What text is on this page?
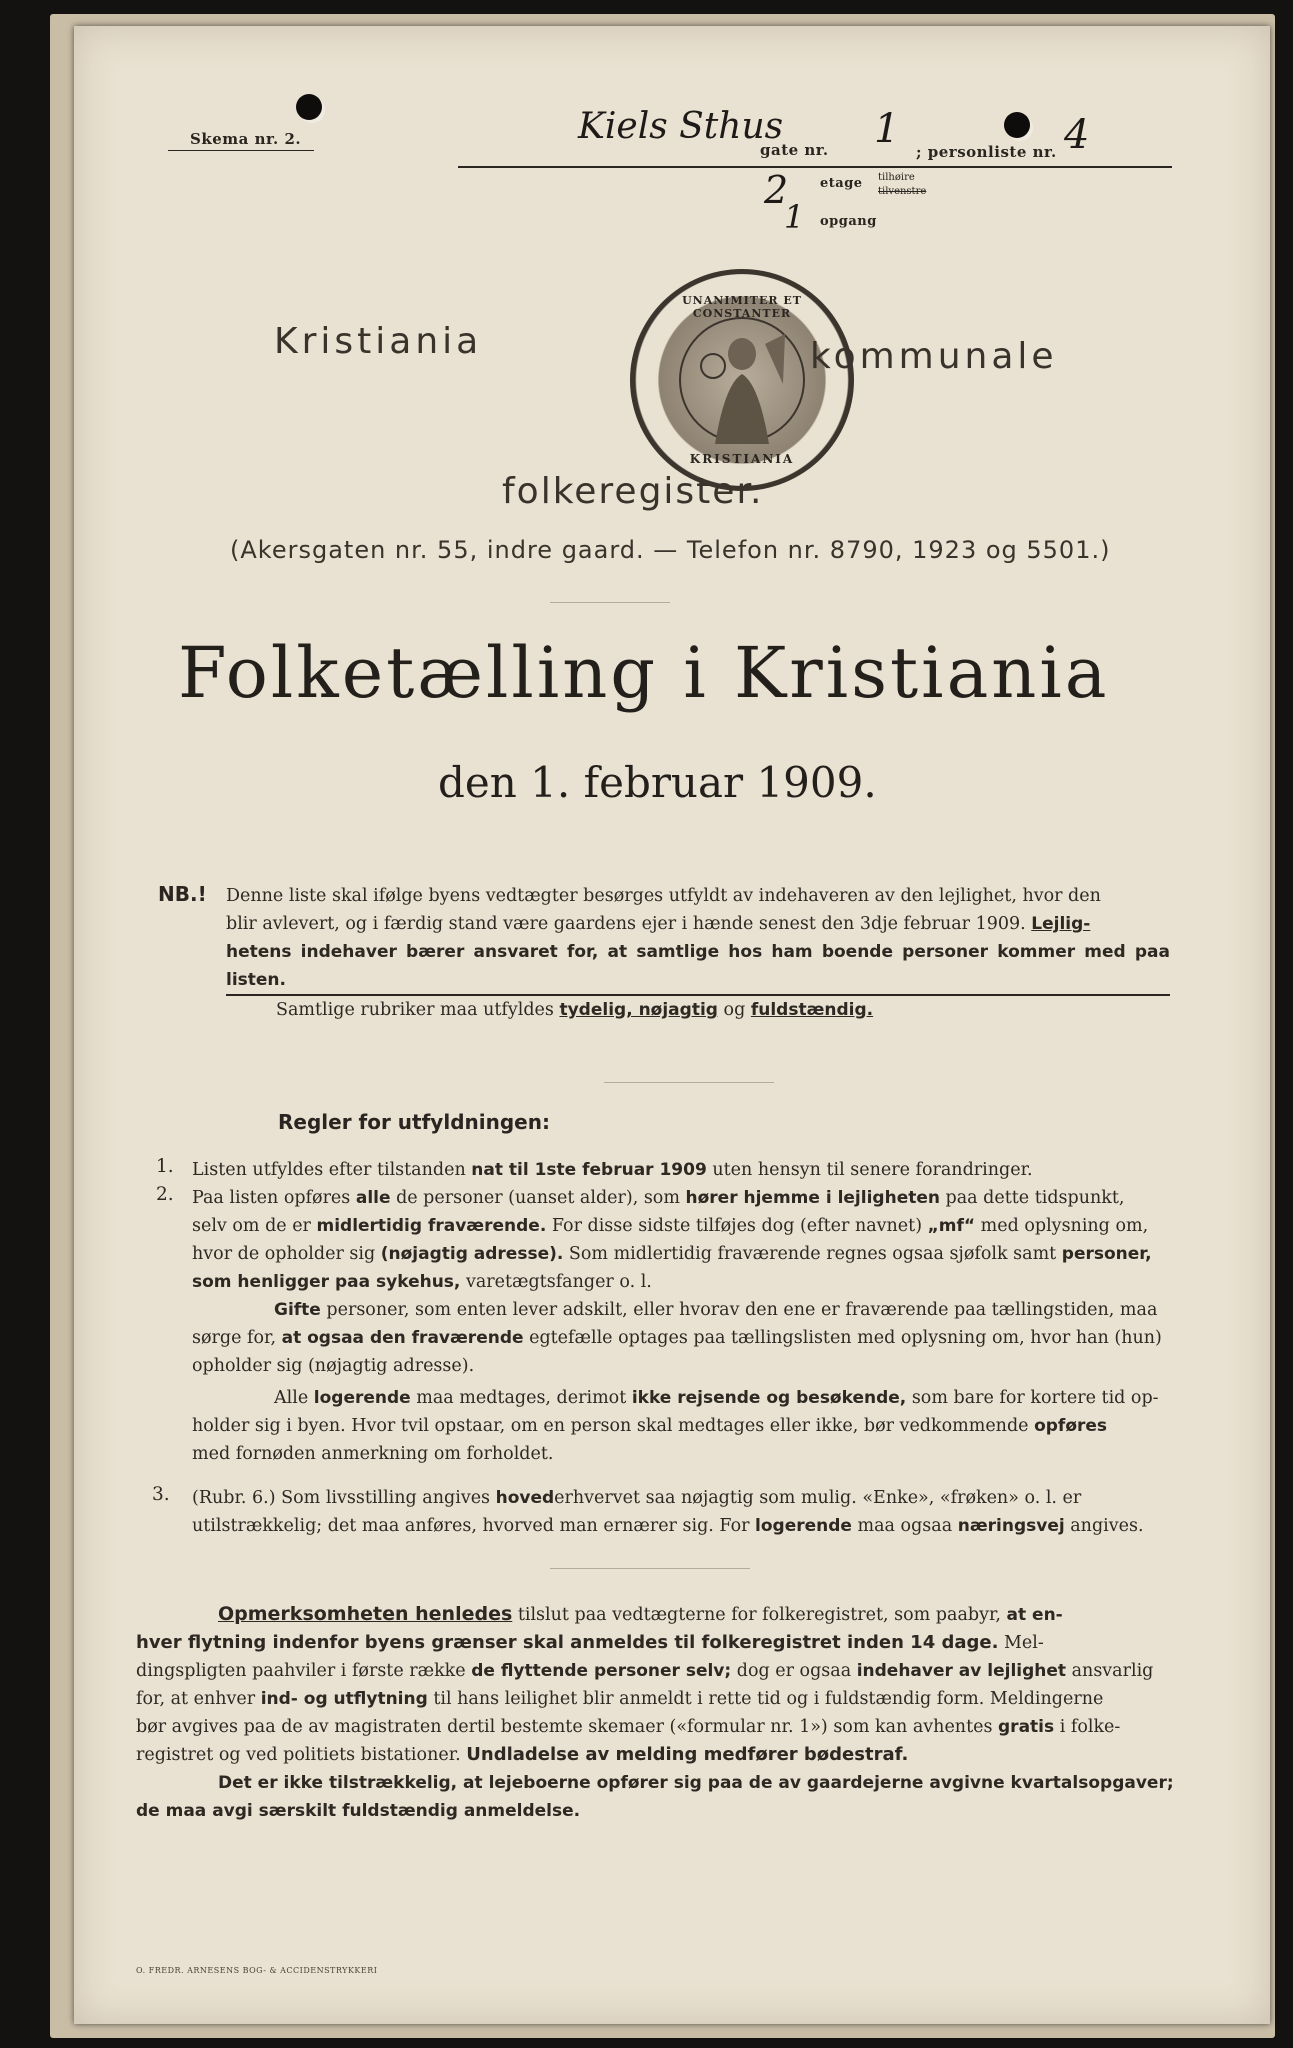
Skema nr. 2.	Kiels Sthus
gate nr. 1 ; personliste nr. 4
2 etage tilhøire
tilvenstre
1 opgang
Kristiania
UNANIMITER ET CONSTANTER
KRISTIANIA
kommunale
folkeregister.
(Akersgaten nr. 55, indre gaard. — Telefon nr. 8790, 1923 og 5501.)
Folketælling i Kristiania
den 1. februar 1909.
NB.! Denne liste skal ifølge byens vedtægter besørges utfyldt av indehaveren av den lejlighet, hvor den
blir avlevert, og i færdig stand være gaardens ejer i hænde senest den 3dje februar 1909. Lejlig-
hetens indehaver bærer ansvaret for, at samtlige hos ham boende personer kommer med paa listen.
Samtlige rubriker maa utfyldes tydelig, nøjagtig og fuldstændig.
Regler for utfyldningen:
1. Listen utfyldes efter tilstanden nat til 1ste februar 1909 uten hensyn til senere forandringer.
2. Paa listen opføres alle de personer (uanset alder), som hører hjemme i lejligheten paa dette tidspunkt,
selv om de er midlertidig fraværende. For disse sidste tilføjes dog (efter navnet) „mf“ med oplysning om,
hvor de opholder sig (nøjagtig adresse). Som midlertidig fraværende regnes ogsaa sjøfolk samt personer,
som henligger paa sykehus, varetægtsfanger o. l.
Gifte personer, som enten lever adskilt, eller hvorav den ene er fraværende paa tællingstiden, maa
sørge for, at ogsaa den fraværende egtefælle optages paa tællingslisten med oplysning om, hvor han (hun)
opholder sig (nøjagtig adresse).
Alle logerende maa medtages, derimot ikke rejsende og besøkende, som bare for kortere tid op-
holder sig i byen. Hvor tvil opstaar, om en person skal medtages eller ikke, bør vedkommende opføres
med fornøden anmerkning om forholdet.
3. (Rubr. 6.) Som livsstilling angives hovederhvervet saa nøjagtig som mulig. «Enke», «frøken» o. l. er
utilstrækkelig; det maa anføres, hvorved man ernærer sig. For logerende maa ogsaa næringsvej angives.
Opmerksomheten henledes tilslut paa vedtægterne for folkeregistret, som paabyr, at en-
hver flytning indenfor byens grænser skal anmeldes til folkeregistret inden 14 dage. Mel-
dingspligten paahviler i første række de flyttende personer selv; dog er ogsaa indehaver av lejlighet ansvarlig
for, at enhver ind- og utflytning til hans leilighet blir anmeldt i rette tid og i fuldstændig form. Meldingerne
bør avgives paa de av magistraten dertil bestemte skemaer («formular nr. 1») som kan avhentes gratis i folke-
registret og ved politiets bistationer. Undladelse av melding medfører bødestraf.
Det er ikke tilstrækkelig, at lejeboerne opfører sig paa de av gaardejerne avgivne kvartalsopgaver;
de maa avgi særskilt fuldstændig anmeldelse.
O. FREDR. ARNESENS BOG- & ACCIDENSTRYKKERI
